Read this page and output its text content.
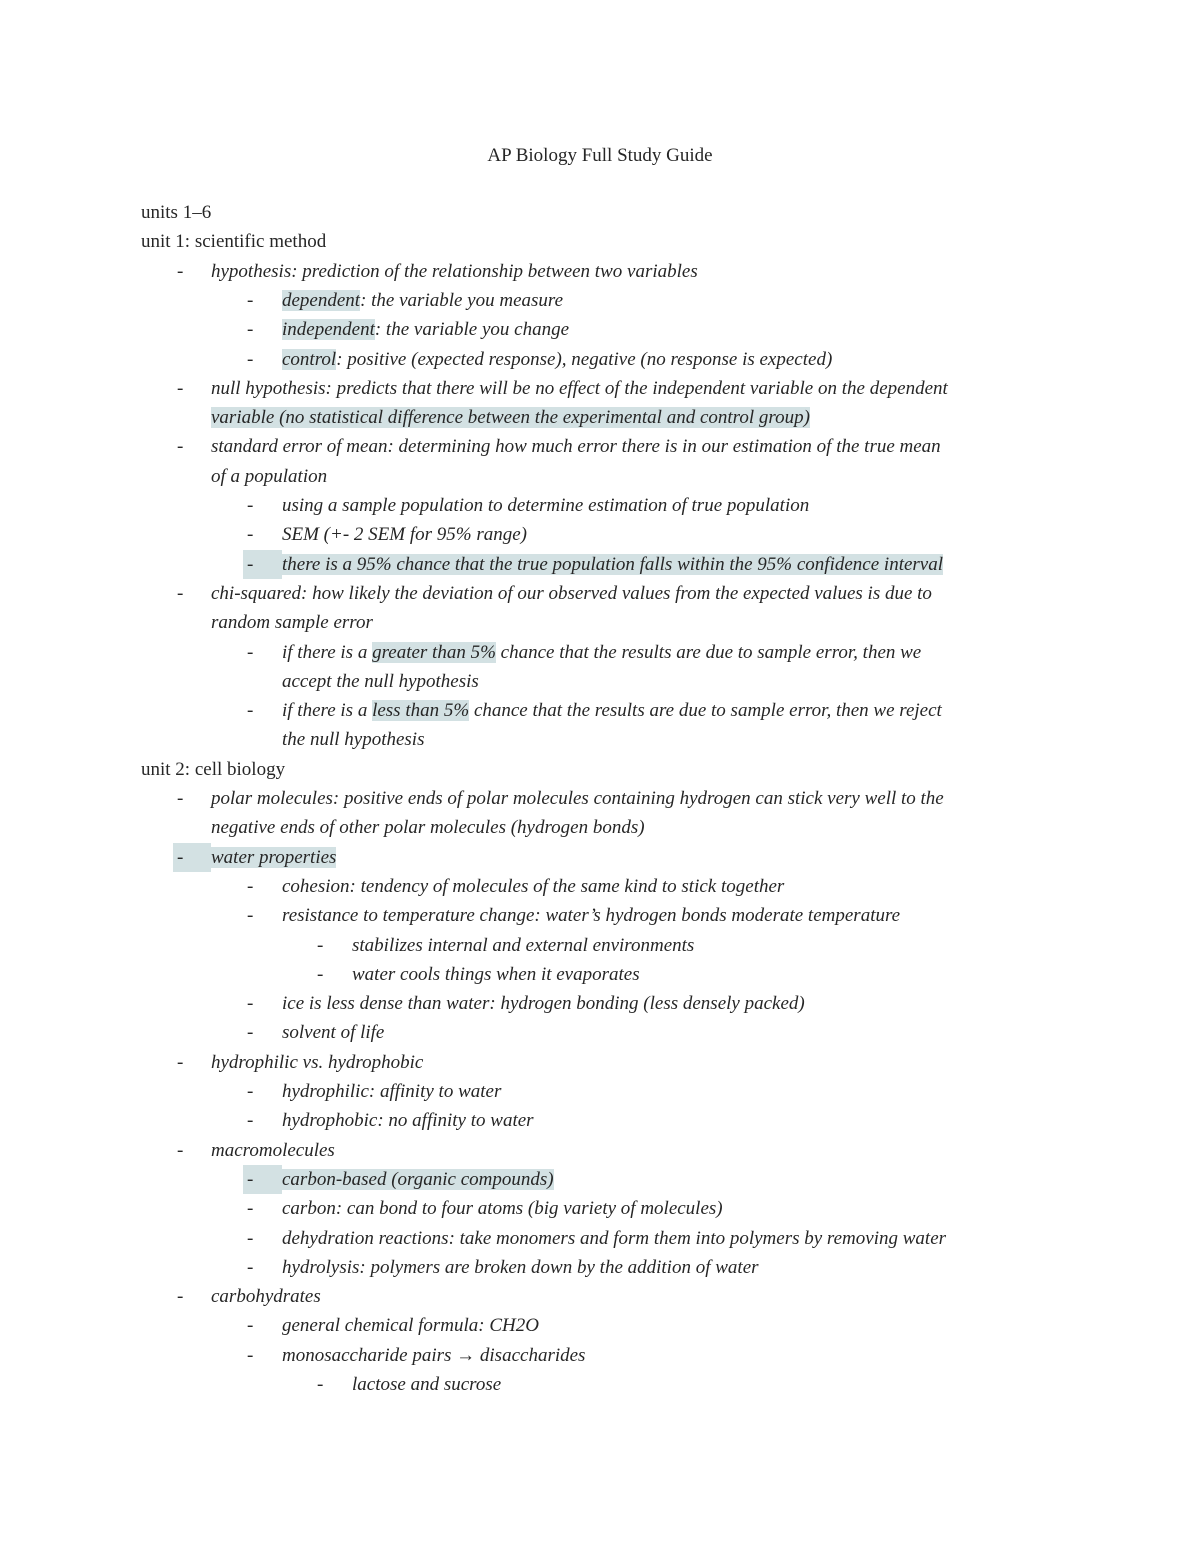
AP Biology Full Study Guide
units 1–6
unit 1: scientific method
- hypothesis: prediction of the relationship between two variables
- dependent: the variable you measure
- independent: the variable you change
- control: positive (expected response), negative (no response is expected)
- null hypothesis: predicts that there will be no effect of the independent variable on the dependent
variable (no statistical difference between the experimental and control group)
- standard error of mean: determining how much error there is in our estimation of the true mean
of a population
- using a sample population to determine estimation of true population
- SEM (+- 2 SEM for 95% range)
-	there is a 95% chance that the true population falls within the 95% confidence interval
- chi-squared: how likely the deviation of our observed values from the expected values is due to
random sample error
- if there is a greater than 5% chance that the results are due to sample error, then we
accept the null hypothesis
- if there is a less than 5% chance that the results are due to sample error, then we reject
the null hypothesis
unit 2: cell biology
- polar molecules: positive ends of polar molecules containing hydrogen can stick very well to the
negative ends of other polar molecules (hydrogen bonds)
-	water properties
- cohesion: tendency of molecules of the same kind to stick together
- resistance to temperature change: water’s hydrogen bonds moderate temperature
- stabilizes internal and external environments
- water cools things when it evaporates
- ice is less dense than water: hydrogen bonding (less densely packed)
- solvent of life
- hydrophilic vs. hydrophobic
- hydrophilic: affinity to water
- hydrophobic: no affinity to water
- macromolecules
-	carbon-based (organic compounds)
- carbon: can bond to four atoms (big variety of molecules)
- dehydration reactions: take monomers and form them into polymers by removing water
- hydrolysis: polymers are broken down by the addition of water
- carbohydrates
- general chemical formula: CH2O
- monosaccharide pairs → disaccharides
- lactose and sucrose
